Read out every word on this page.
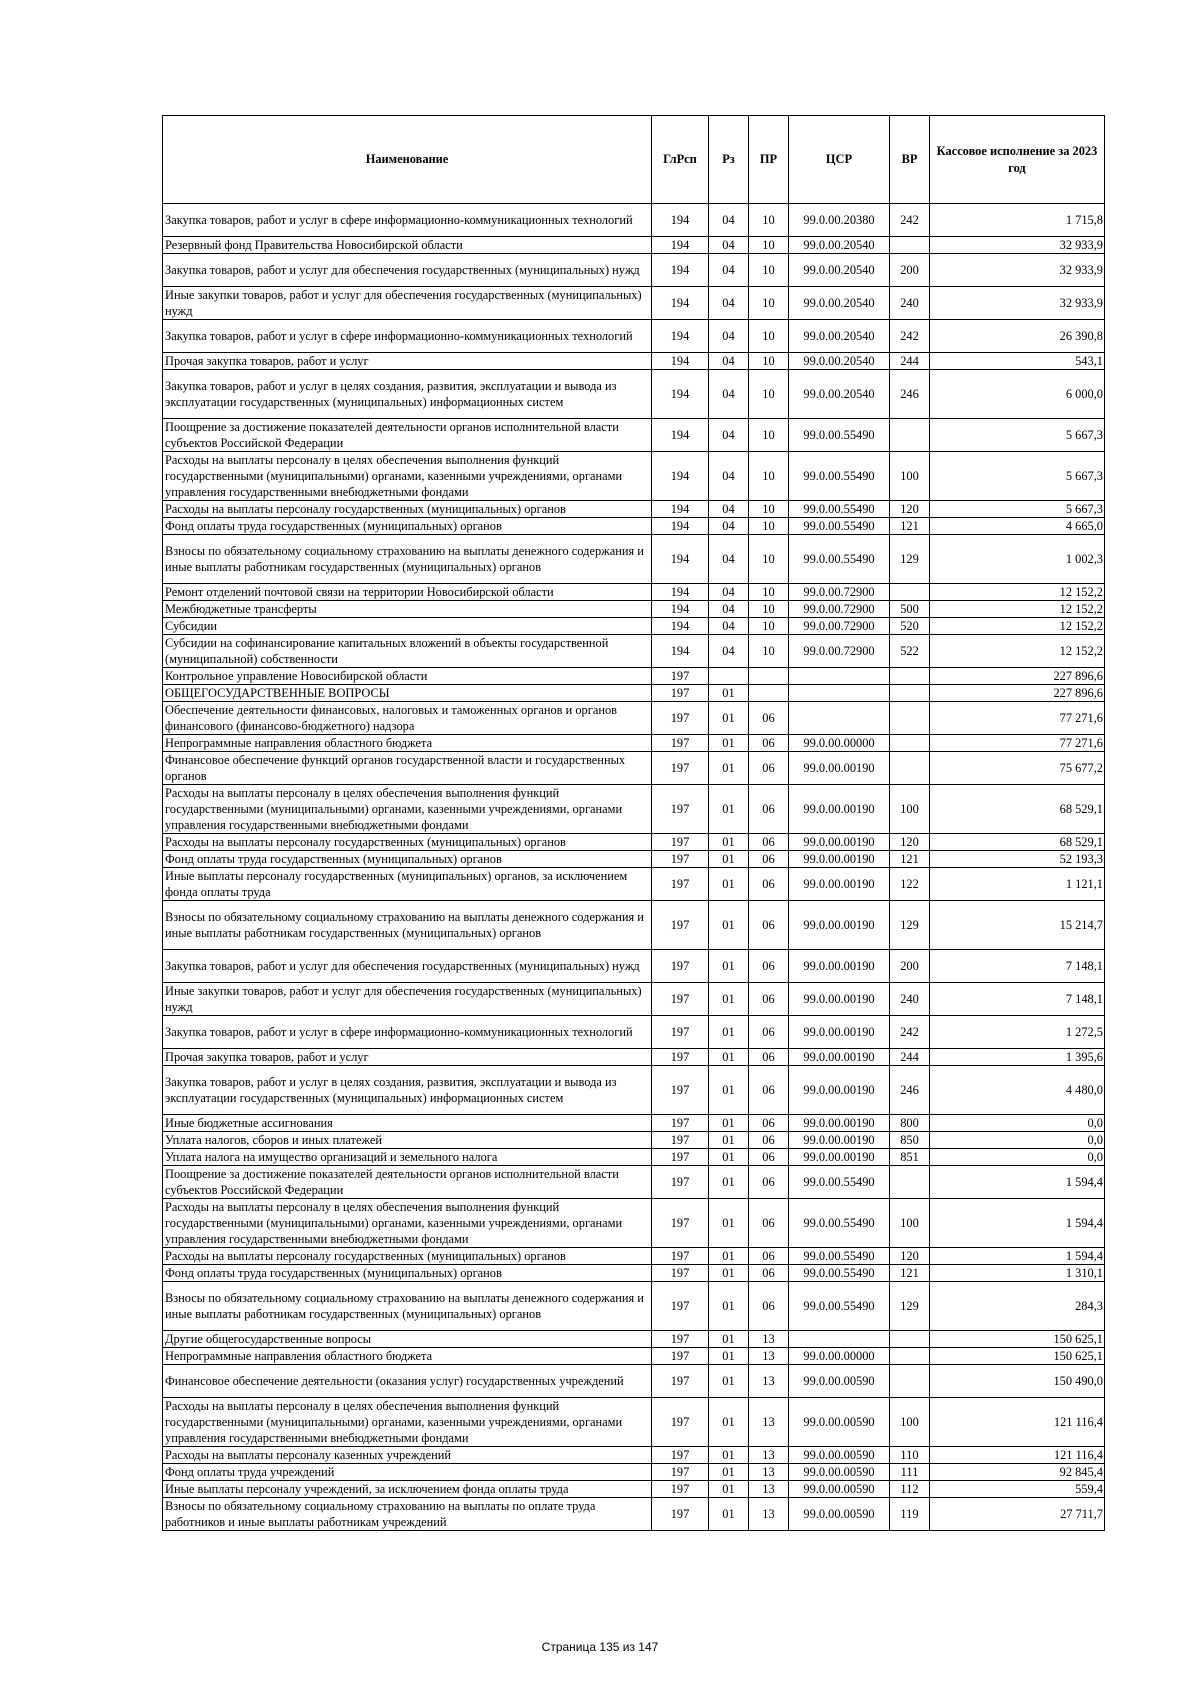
Наименование	ГлРсп	Рз	ПР	ЦСР	ВР	Кассовое исполнение за 2023 год
Закупка товаров, работ и услуг в сфере информационно-коммуникационных технологий	194	04	10	99.0.00.20380	242	1 715,8
Резервный фонд Правительства Новосибирской области	194	04	10	99.0.00.20540		32 933,9
Закупка товаров, работ и услуг для обеспечения государственных (муниципальных) нужд	194	04	10	99.0.00.20540	200	32 933,9
Иные закупки товаров, работ и услуг для обеспечения государственных (муниципальных) нужд	194	04	10	99.0.00.20540	240	32 933,9
Закупка товаров, работ и услуг в сфере информационно-коммуникационных технологий	194	04	10	99.0.00.20540	242	26 390,8
Прочая закупка товаров, работ и услуг	194	04	10	99.0.00.20540	244	543,1
Закупка товаров, работ и услуг в целях создания, развития, эксплуатации и вывода из эксплуатации государственных (муниципальных) информационных систем	194	04	10	99.0.00.20540	246	6 000,0
Поощрение за достижение показателей деятельности органов исполнительной власти субъектов Российской Федерации	194	04	10	99.0.00.55490		5 667,3
Расходы на выплаты персоналу в целях обеспечения выполнения функций государственными (муниципальными) органами, казенными учреждениями, органами управления государственными внебюджетными фондами	194	04	10	99.0.00.55490	100	5 667,3
Расходы на выплаты персоналу государственных (муниципальных) органов	194	04	10	99.0.00.55490	120	5 667,3
Фонд оплаты труда государственных (муниципальных) органов	194	04	10	99.0.00.55490	121	4 665,0
Взносы по обязательному социальному страхованию на выплаты денежного содержания и иные выплаты работникам государственных (муниципальных) органов	194	04	10	99.0.00.55490	129	1 002,3
Ремонт отделений почтовой связи на территории Новосибирской области	194	04	10	99.0.00.72900		12 152,2
Межбюджетные трансферты	194	04	10	99.0.00.72900	500	12 152,2
Субсидии	194	04	10	99.0.00.72900	520	12 152,2
Субсидии на софинансирование капитальных вложений в объекты государственной (муниципальной) собственности	194	04	10	99.0.00.72900	522	12 152,2
Контрольное управление Новосибирской области	197					227 896,6
ОБЩЕГОСУДАРСТВЕННЫЕ ВОПРОСЫ	197	01				227 896,6
Обеспечение деятельности финансовых, налоговых и таможенных органов и органов финансового (финансово-бюджетного) надзора	197	01	06			77 271,6
Непрограммные направления областного бюджета	197	01	06	99.0.00.00000		77 271,6
Финансовое обеспечение функций органов государственной власти и государственных органов	197	01	06	99.0.00.00190		75 677,2
Расходы на выплаты персоналу в целях обеспечения выполнения функций государственными (муниципальными) органами, казенными учреждениями, органами управления государственными внебюджетными фондами	197	01	06	99.0.00.00190	100	68 529,1
Расходы на выплаты персоналу государственных (муниципальных) органов	197	01	06	99.0.00.00190	120	68 529,1
Фонд оплаты труда государственных (муниципальных) органов	197	01	06	99.0.00.00190	121	52 193,3
Иные выплаты персоналу государственных (муниципальных) органов, за исключением фонда оплаты труда	197	01	06	99.0.00.00190	122	1 121,1
Взносы по обязательному социальному страхованию на выплаты денежного содержания и иные выплаты работникам государственных (муниципальных) органов	197	01	06	99.0.00.00190	129	15 214,7
Закупка товаров, работ и услуг для обеспечения государственных (муниципальных) нужд	197	01	06	99.0.00.00190	200	7 148,1
Иные закупки товаров, работ и услуг для обеспечения государственных (муниципальных) нужд	197	01	06	99.0.00.00190	240	7 148,1
Закупка товаров, работ и услуг в сфере информационно-коммуникационных технологий	197	01	06	99.0.00.00190	242	1 272,5
Прочая закупка товаров, работ и услуг	197	01	06	99.0.00.00190	244	1 395,6
Закупка товаров, работ и услуг в целях создания, развития, эксплуатации и вывода из эксплуатации государственных (муниципальных) информационных систем	197	01	06	99.0.00.00190	246	4 480,0
Иные бюджетные ассигнования	197	01	06	99.0.00.00190	800	0,0
Уплата налогов, сборов и иных платежей	197	01	06	99.0.00.00190	850	0,0
Уплата налога на имущество организаций и земельного налога	197	01	06	99.0.00.00190	851	0,0
Поощрение за достижение показателей деятельности органов исполнительной власти субъектов Российской Федерации	197	01	06	99.0.00.55490		1 594,4
Расходы на выплаты персоналу в целях обеспечения выполнения функций государственными (муниципальными) органами, казенными учреждениями, органами управления государственными внебюджетными фондами	197	01	06	99.0.00.55490	100	1 594,4
Расходы на выплаты персоналу государственных (муниципальных) органов	197	01	06	99.0.00.55490	120	1 594,4
Фонд оплаты труда государственных (муниципальных) органов	197	01	06	99.0.00.55490	121	1 310,1
Взносы по обязательному социальному страхованию на выплаты денежного содержания и иные выплаты работникам государственных (муниципальных) органов	197	01	06	99.0.00.55490	129	284,3
Другие общегосударственные вопросы	197	01	13			150 625,1
Непрограммные направления областного бюджета	197	01	13	99.0.00.00000		150 625,1
Финансовое обеспечение деятельности (оказания услуг) государственных учреждений	197	01	13	99.0.00.00590		150 490,0
Расходы на выплаты персоналу в целях обеспечения выполнения функций государственными (муниципальными) органами, казенными учреждениями, органами управления государственными внебюджетными фондами	197	01	13	99.0.00.00590	100	121 116,4
Расходы на выплаты персоналу казенных учреждений	197	01	13	99.0.00.00590	110	121 116,4
Фонд оплаты труда учреждений	197	01	13	99.0.00.00590	111	92 845,4
Иные выплаты персоналу учреждений, за исключением фонда оплаты труда	197	01	13	99.0.00.00590	112	559,4
Взносы по обязательному социальному страхованию на выплаты по оплате труда работников и иные выплаты работникам учреждений	197	01	13	99.0.00.00590	119	27 711,7
Страница 135 из 147
